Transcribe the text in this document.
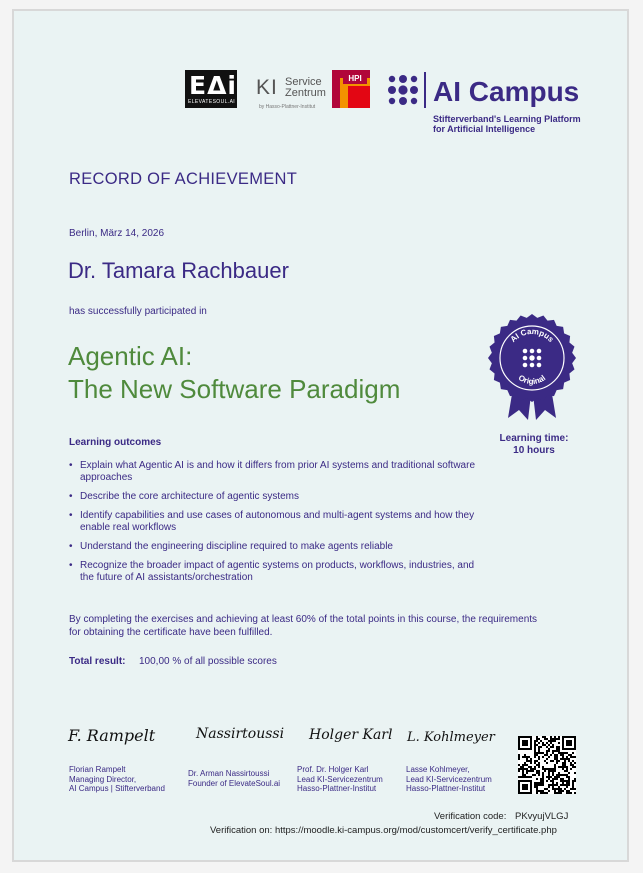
EΔi
ELEVATESOUL.AI
KI Service
Zentrum
by Hasso-Plattner-Institut
HPI	AI Campus
Stifterverband's Learning Platform
for Artificial Intelligence
RECORD OF ACHIEVEMENT
Berlin, März 14, 2026
Dr. Tamara Rachbauer
has successfully participated in
Agentic AI:
The New Software Paradigm
AI Campus
Original
Learning time:
10 hours
Learning outcomes
• Explain what Agentic AI is and how it differs from prior AI systems and traditional software approaches
• Describe the core architecture of agentic systems
• Identify capabilities and use cases of autonomous and multi-agent systems and how they enable real workflows
• Understand the engineering discipline required to make agents reliable
• Recognize the broader impact of agentic systems on products, workflows, industries, and the future of AI assistants/orchestration
By completing the exercises and achieving at least 60% of the total points in this course, the requirements for obtaining the certificate have been fulfilled.
Total result: 100,00 % of all possible scores
F. Rampelt
Florian Rampelt
Managing Director,
AI Campus | Stifterverband
Nassirtoussi
Dr. Arman Nassirtoussi
Founder of ElevateSoul.ai
Holger Karl
Prof. Dr. Holger Karl
Lead KI-Servicezentrum
Hasso-Plattner-Institut
L. Kohlmeyer
Lasse Kohlmeyer,
Lead KI-Servicezentrum
Hasso-Plattner-Institut
Verification code: PKvyujVLGJ
Verification on: https://moodle.ki-campus.org/mod/customcert/verify_certificate.php
